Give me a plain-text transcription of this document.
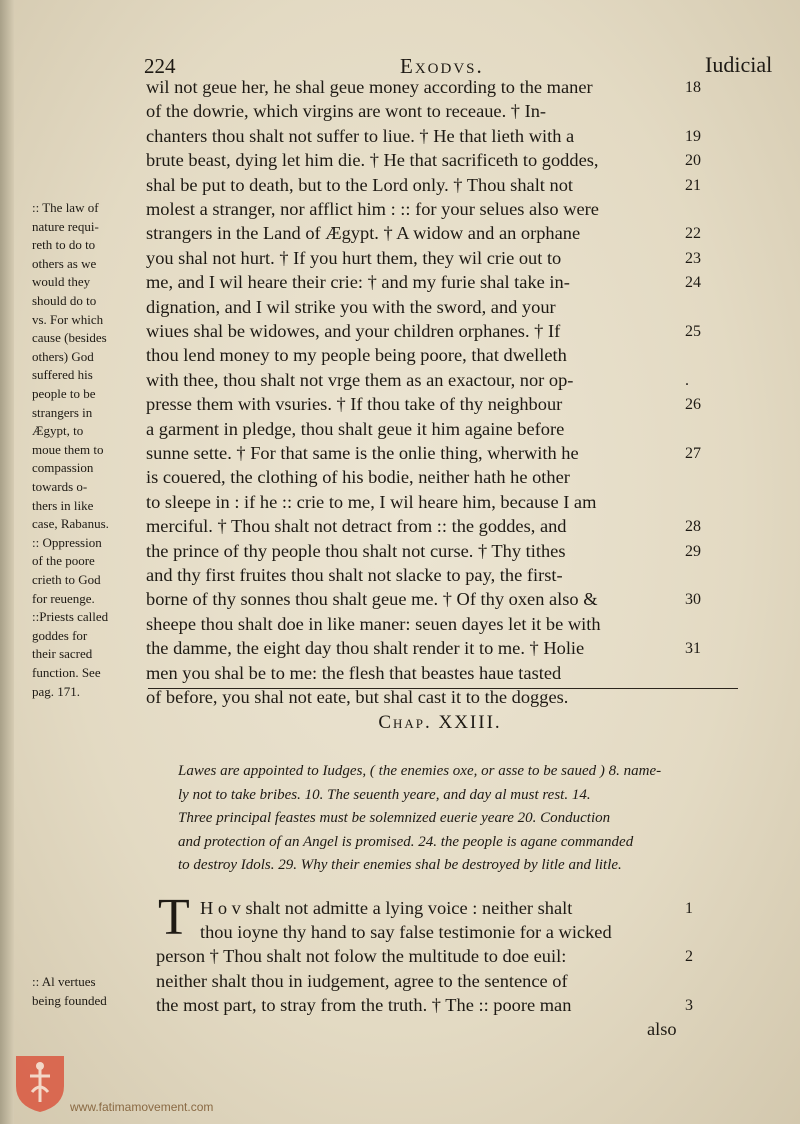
224	Exodvs.	Iudicial
wil not geue her, he shal geue money according to the maner
of the dowrie, which virgins are wont to receaue. † In-
chanters thou shalt not suffer to liue. † He that lieth with a
brute beast, dying let him die. † He that sacrificeth to goddes,
shal be put to death, but to the Lord only. † Thou shalt not
molest a stranger, nor afflict him : :: for your selues also were
strangers in the Land of Ægypt. † A widow and an orphane
you shal not hurt. † If you hurt them, they wil crie out to
me, and I wil heare their crie: † and my furie shal take in-
dignation, and I wil strike you with the sword, and your
wiues shal be widowes, and your children orphanes. † If
thou lend money to my people being poore, that dwelleth
with thee, thou shalt not vrge them as an exactour, nor op-
presse them with vsuries. † If thou take of thy neighbour
a garment in pledge, thou shalt geue it him againe before
sunne sette. † For that same is the onlie thing, wherwith he
is couered, the clothing of his bodie, neither hath he other
to sleepe in : if he :: crie to me, I wil heare him, because I am
merciful. † Thou shalt not detract from :: the goddes, and
the prince of thy people thou shalt not curse. † Thy tithes
and thy first fruites thou shalt not slacke to pay, the first-
borne of thy sonnes thou shalt geue me. † Of thy oxen also &
sheepe thou shalt doe in like maner: seuen dayes let it be with
the damme, the eight day thou shalt render it to me. † Holie
men you shal be to me: the flesh that beastes haue tasted
of before, you shal not eate, but shal cast it to the dogges.
18
19
20
21
22
23
24
25
.
26
27
28
29
30
31
:: The law of
nature requi-
reth to do to
others as we
would they
should do to
vs. For which
cause (besides
others) God
suffered his
people to be
strangers in
Ægypt, to
moue them to
compassion
towards o-
thers in like
case, Rabanus.
:: Oppression
of the poore
crieth to God
for reuenge.
::Priests called
goddes for
their sacred
function. See
pag. 171.
Chap. XXIII.
Lawes are appointed to Iudges, ( the enemies oxe, or asse to be saued ) 8. name-
ly not to take bribes. 10. The seuenth yeare, and day al must rest. 14.
Three principal feastes must be solemnized euerie yeare 20. Conduction
and protection of an Angel is promised. 24. the people is agane commanded
to destroy Idols. 29. Why their enemies shal be destroyed by litle and litle.
T H o v shalt not admitte a lying voice : neither shalt
thou ioyne thy hand to say false testimonie for a wicked
person † Thou shalt not folow the multitude to doe euil:
neither shalt thou in iudgement, agree to the sentence of
the most part, to stray from the truth. † The :: poore man
also
1
2
3
:: Al vertues
being founded
www.fatimamovement.com
